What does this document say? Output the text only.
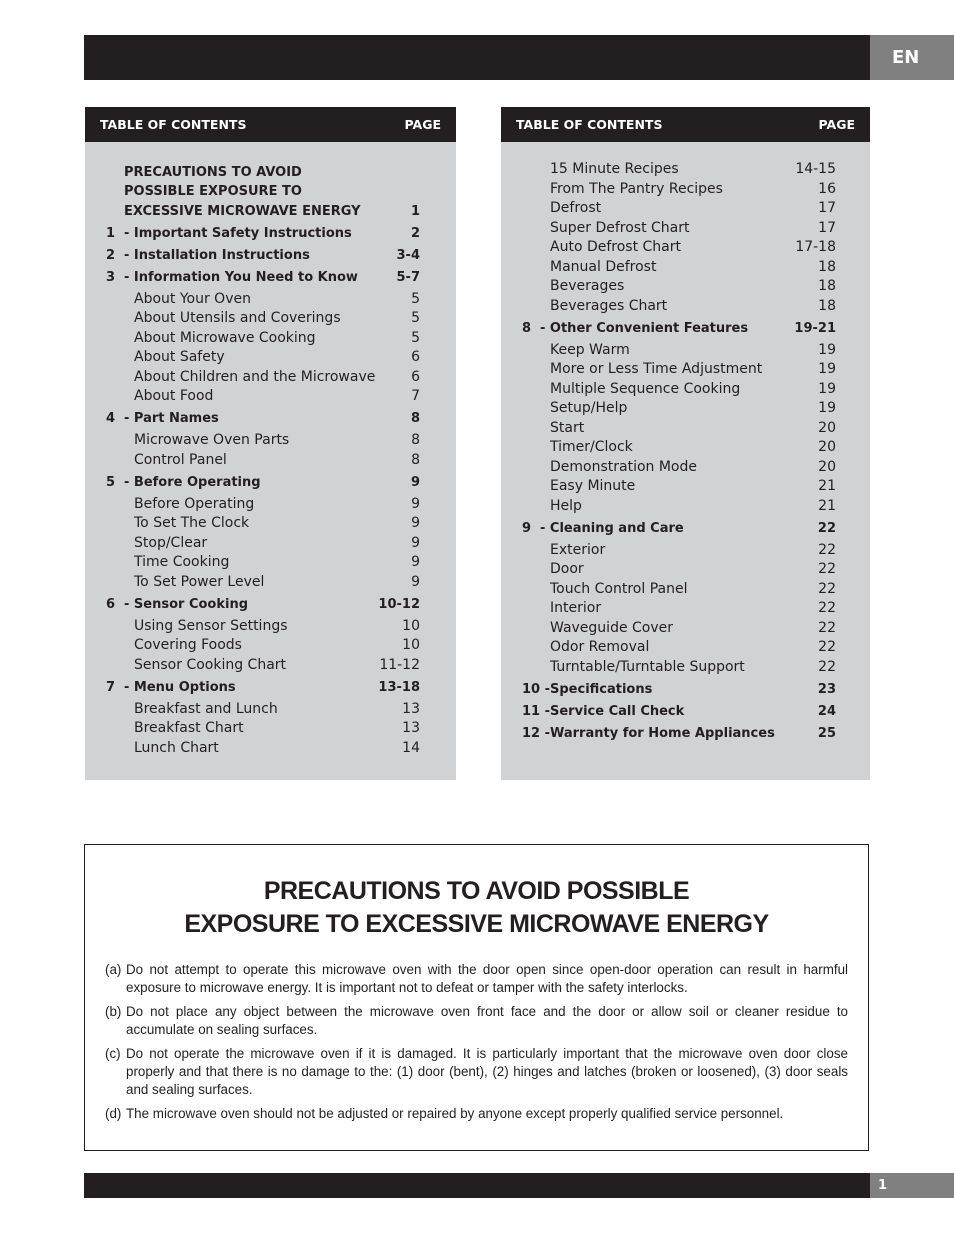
EN
TABLE OF CONTENTS	PAGE
PRECAUTIONS TO AVOID
POSSIBLE EXPOSURE TO
EXCESSIVE MICROWAVE ENERGY	1
1 - Important Safety Instructions	2
2 - Installation Instructions	3-4
3 - Information You Need to Know	5-7
About Your Oven	5
About Utensils and Coverings	5
About Microwave Cooking	5
About Safety	6
About Children and the Microwave	6
About Food	7
4 - Part Names	8
Microwave Oven Parts	8
Control Panel	8
5 - Before Operating	9
Before Operating	9
To Set The Clock	9
Stop/Clear	9
Time Cooking	9
To Set Power Level	9
6 - Sensor Cooking	10-12
Using Sensor Settings	10
Covering Foods	10
Sensor Cooking Chart	11-12
7 - Menu Options	13-18
Breakfast and Lunch	13
Breakfast Chart	13
Lunch Chart	14
TABLE OF CONTENTS	PAGE
15 Minute Recipes	14-15
From The Pantry Recipes	16
Defrost	17
Super Defrost Chart	17
Auto Defrost Chart	17-18
Manual Defrost	18
Beverages	18
Beverages Chart	18
8 - Other Convenient Features	19-21
Keep Warm	19
More or Less Time Adjustment	19
Multiple Sequence Cooking	19
Setup/Help	19
Start	20
Timer/Clock	20
Demonstration Mode	20
Easy Minute	21
Help	21
9 - Cleaning and Care	22
Exterior	22
Door	22
Touch Control Panel	22
Interior	22
Waveguide Cover	22
Odor Removal	22
Turntable/Turntable Support	22
10 - Specifications	23
11 - Service Call Check	24
12 - Warranty for Home Appliances	25
PRECAUTIONS TO AVOID POSSIBLE
EXPOSURE TO EXCESSIVE MICROWAVE ENERGY
(a) Do not attempt to operate this microwave oven with the door open since open-door operation can result in harmful exposure to microwave energy. It is important not to defeat or tamper with the safety interlocks.
(b) Do not place any object between the microwave oven front face and the door or allow soil or cleaner residue to accumulate on sealing surfaces.
(c) Do not operate the microwave oven if it is damaged. It is particularly important that the microwave oven door close properly and that there is no damage to the: (1) door (bent), (2) hinges and latches (broken or loosened), (3) door seals and sealing surfaces.
(d) The microwave oven should not be adjusted or repaired by anyone except properly qualified service personnel.
1
